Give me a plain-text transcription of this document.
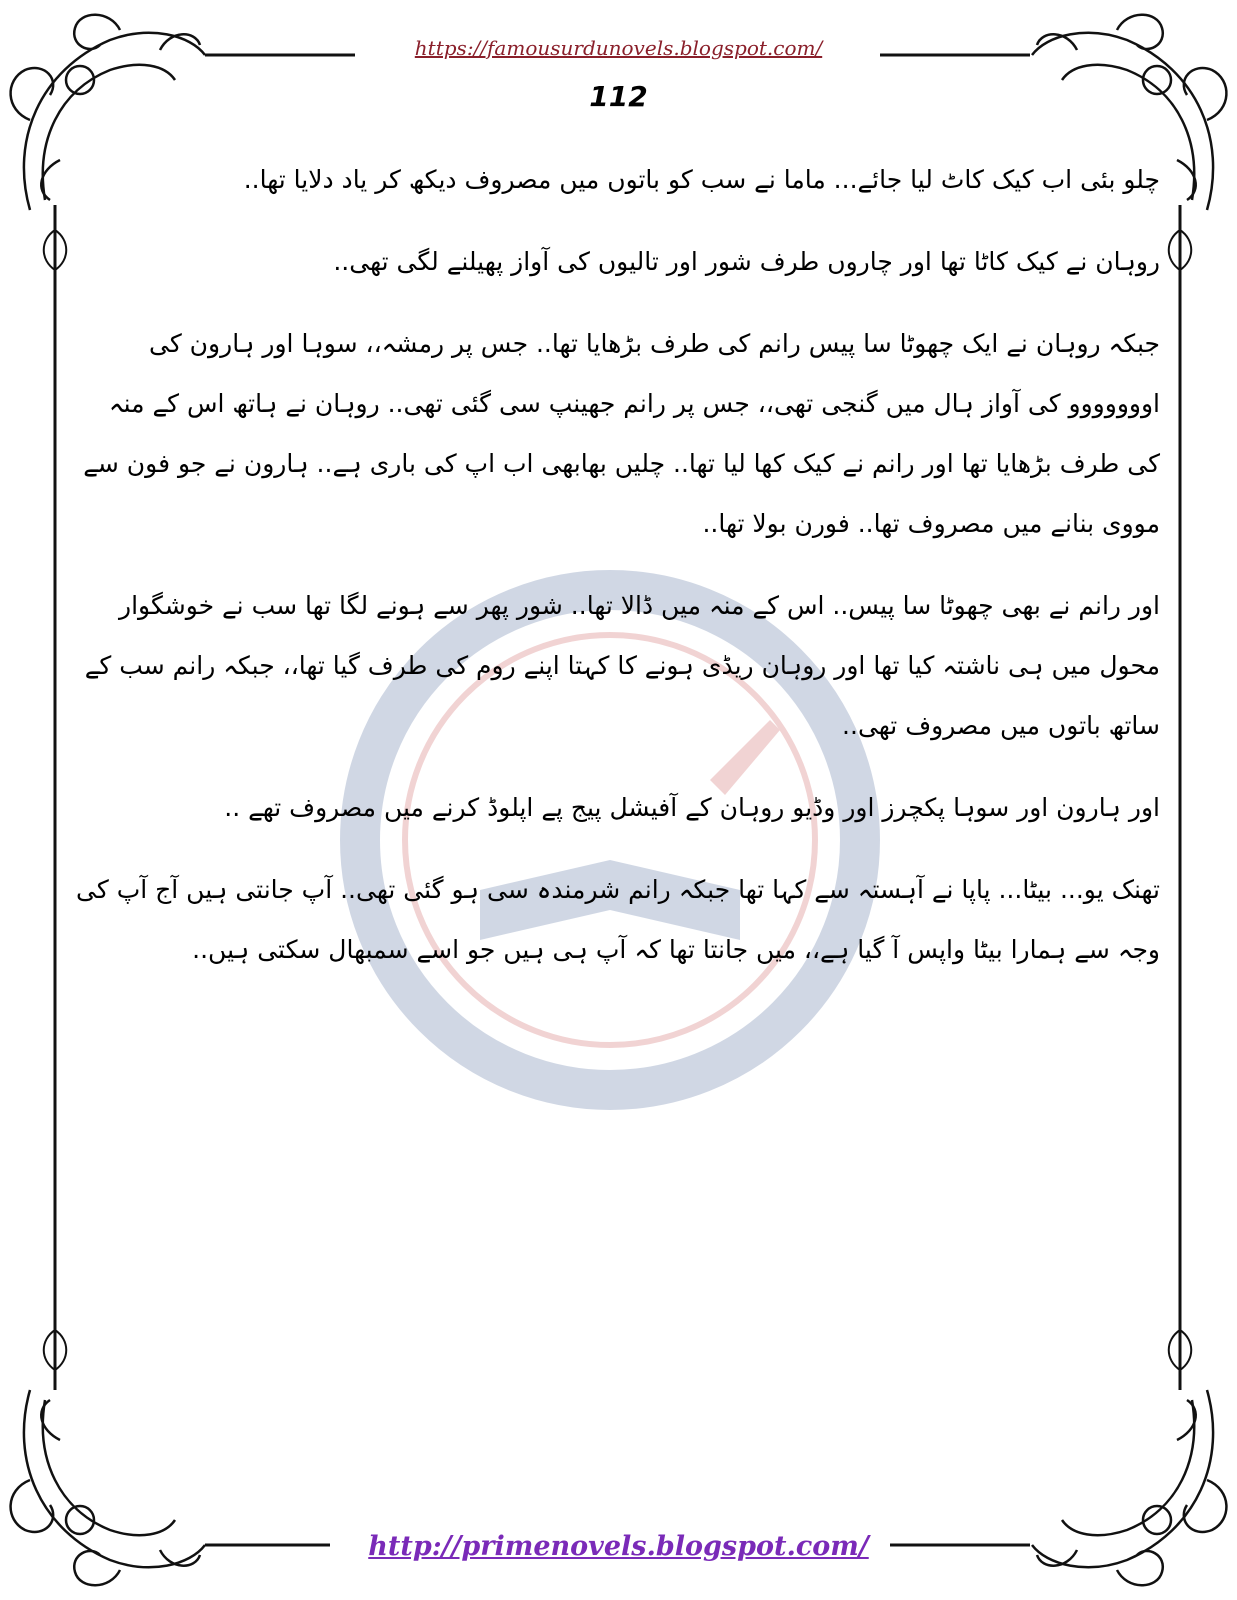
https://famousurdunovels.blogspot.com/
112

چلو بئی اب کیک کاٹ لیا جائے... ماما نے سب کو باتوں میں مصروف دیکھ کر یاد دلایا تھا..

روہان نے کیک کاٹا تھا اور چاروں طرف شور اور تالیوں کی آواز پھیلنے لگی تھی..

جبکہ روہان نے ایک چھوٹا سا پیس رانم کی طرف بڑھایا تھا.. جس پر رمشہ،، سوہا اور ہارون کی اووووووو کی آواز ہال میں گنجی تھی،، جس پر رانم جھینپ سی گئی تھی.. روہان نے ہاتھ اس کے منہ کی طرف بڑھایا تھا اور رانم نے کیک کھا لیا تھا.. چلیں بھابھی اب اپ کی باری ہے.. ہارون نے جو فون سے مووی بنانے میں مصروف تھا.. فورن بولا تھا..

اور رانم نے بھی چھوٹا سا پیس.. اس کے منہ میں ڈالا تھا.. شور پھر سے ہونے لگا تھا سب نے خوشگوار محول میں ہی ناشتہ کیا تھا اور روہان ریڈی ہونے کا کہتا اپنے روم کی طرف گیا تھا،، جبکہ رانم سب کے ساتھ باتوں میں مصروف تھی..

اور ہارون اور سوہا پکچرز اور وڈیو روہان کے آفیشل پیج پے اپلوڈ کرنے میں مصروف تھے ..

تھنک یو... بیٹا... پاپا نے آہستہ سے کہا تھا جبکہ رانم شرمندہ سی ہو گئی تھی.. آپ جانتی ہیں آج آپ کی وجہ سے ہمارا بیٹا واپس آ گیا ہے،، میں جانتا تھا کہ آپ ہی ہیں جو اسے سمبھال سکتی ہیں..

http://primenovels.blogspot.com/
